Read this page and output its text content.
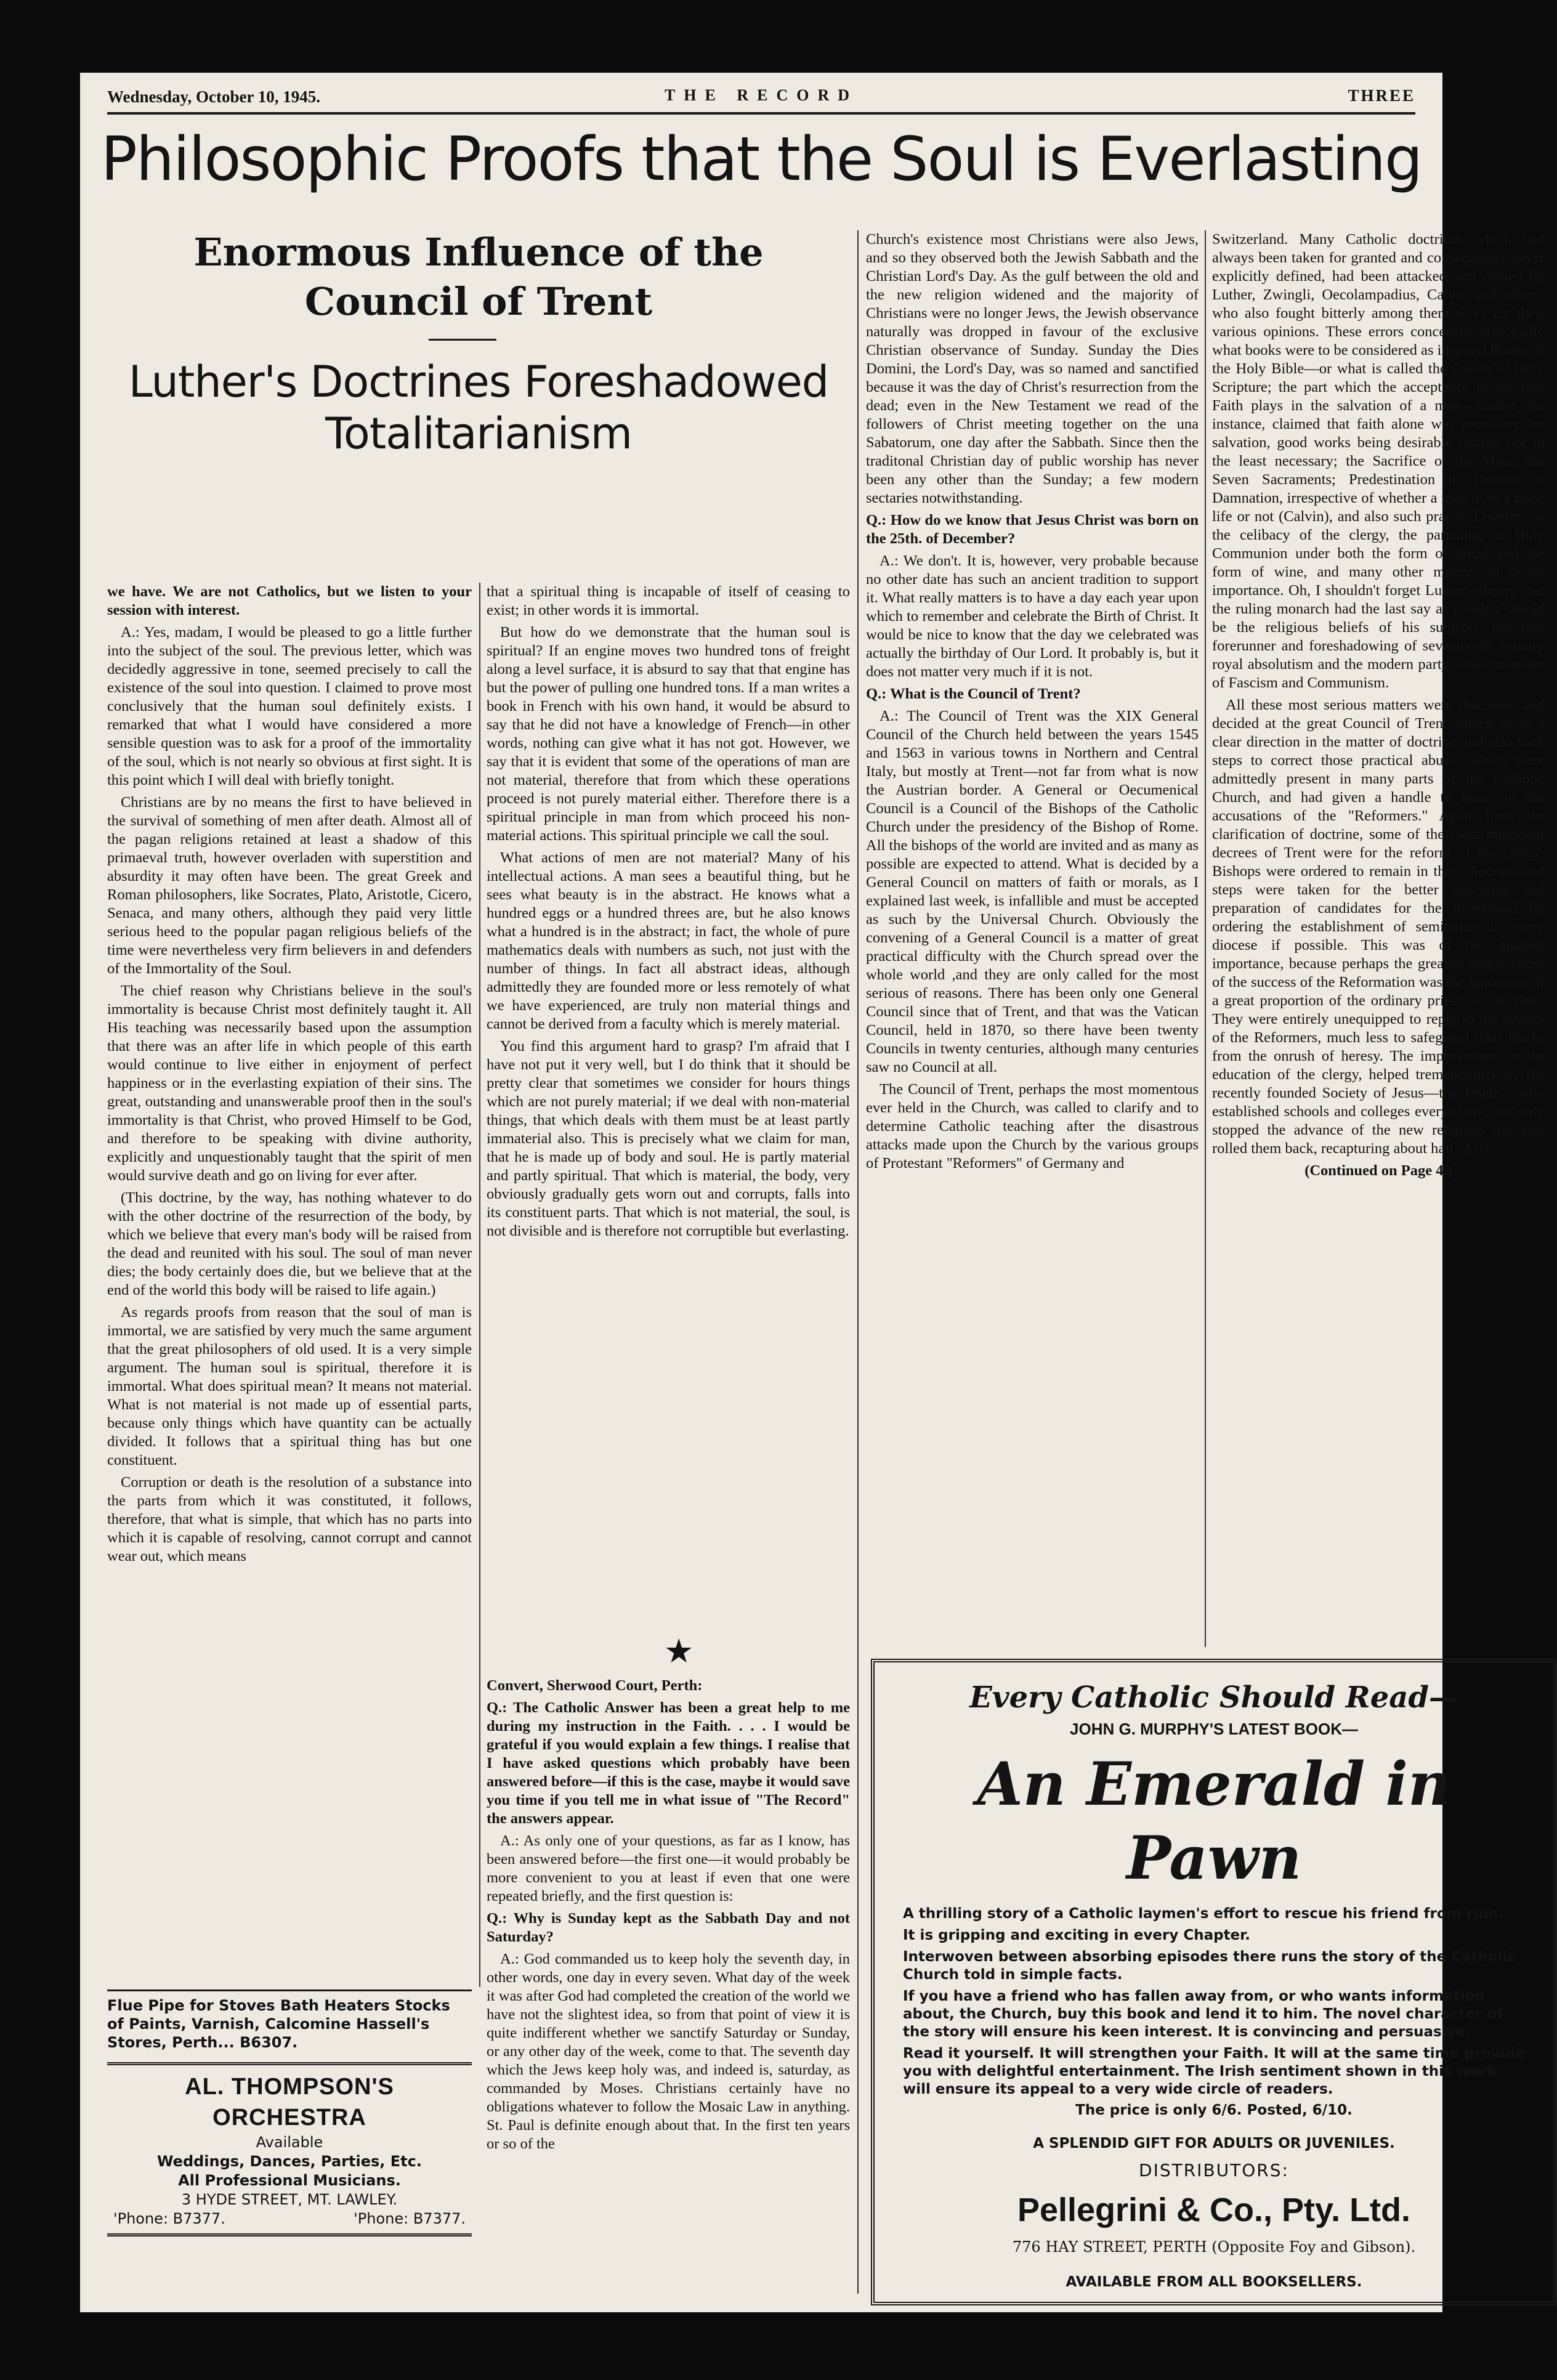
Wednesday, October 10, 1945.	THE RECORD	THREE
Philosophic Proofs that the Soul is Everlasting
Enormous Influence of the Council of Trent
Luther's Doctrines Foreshadowed Totalitarianism

we have. We are not Catholics, but we listen to your session with interest.

A.: Yes, madam, I would be pleased to go a little further into the subject of the soul. The previous letter, which was decidedly aggressive in tone, seemed precisely to call the existence of the soul into question. I claimed to prove most conclusively that the human soul definitely exists. I remarked that what I would have considered a more sensible question was to ask for a proof of the immortality of the soul, which is not nearly so obvious at first sight. It is this point which I will deal with briefly tonight.

Christians are by no means the first to have believed in the survival of something of men after death. Almost all of the pagan religions retained at least a shadow of this primaeval truth, however overladen with superstition and absurdity it may often have been. The great Greek and Roman philosophers, like Socrates, Plato, Aristotle, Cicero, Senaca, and many others, although they paid very little serious heed to the popular pagan religious beliefs of the time were nevertheless very firm believers in and defenders of the Immortality of the Soul.

The chief reason why Christians believe in the soul's immortality is because Christ most definitely taught it. All His teaching was necessarily based upon the assumption that there was an after life in which people of this earth would continue to live either in enjoyment of perfect happiness or in the everlasting expiation of their sins. The great, outstanding and unanswerable proof then in the soul's immortality is that Christ, who proved Himself to be God, and therefore to be speaking with divine authority, explicitly and unquestionably taught that the spirit of men would survive death and go on living for ever after.

(This doctrine, by the way, has nothing whatever to do with the other doctrine of the resurrection of the body, by which we believe that every man's body will be raised from the dead and reunited with his soul. The soul of man never dies; the body certainly does die, but we believe that at the end of the world this body will be raised to life again.)

As regards proofs from reason that the soul of man is immortal, we are satisfied by very much the same argument that the great philosophers of old used. It is a very simple argument. The human soul is spiritual, therefore it is immortal. What does spiritual mean? It means not material. What is not material is not made up of essential parts, because only things which have quantity can be actually divided. It follows that a spiritual thing has but one constituent.

Corruption or death is the resolution of a substance into the parts from which it was constituted, it follows, therefore, that what is simple, that which has no parts into which it is capable of resolving, cannot corrupt and cannot wear out, which means

that a spiritual thing is incapable of itself of ceasing to exist; in other words it is immortal.

But how do we demonstrate that the human soul is spiritual? If an engine moves two hundred tons of freight along a level surface, it is absurd to say that that engine has but the power of pulling one hundred tons. If a man writes a book in French with his own hand, it would be absurd to say that he did not have a knowledge of French—in other words, nothing can give what it has not got. However, we say that it is evident that some of the operations of man are not material, therefore that from which these operations proceed is not purely material either. Therefore there is a spiritual principle in man from which proceed his non-material actions. This spiritual principle we call the soul.

What actions of men are not material? Many of his intellectual actions. A man sees a beautiful thing, but he sees what beauty is in the abstract. He knows what a hundred eggs or a hundred threes are, but he also knows what a hundred is in the abstract; in fact, the whole of pure mathematics deals with numbers as such, not just with the number of things. In fact all abstract ideas, although admittedly they are founded more or less remotely of what we have experienced, are truly non material things and cannot be derived from a faculty which is merely material.

You find this argument hard to grasp? I'm afraid that I have not put it very well, but I do think that it should be pretty clear that sometimes we consider for hours things which are not purely material; if we deal with non-material things, that which deals with them must be at least partly immaterial also. This is precisely what we claim for man, that he is made up of body and soul. He is partly material and partly spiritual. That which is material, the body, very obviously gradually gets worn out and corrupts, falls into its constituent parts. That which is not material, the soul, is not divisible and is therefore not corruptible but everlasting.

★

Convert, Sherwood Court, Perth:

Q.: The Catholic Answer has been a great help to me during my instruction in the Faith. . . . I would be grateful if you would explain a few things. I realise that I have asked questions which probably have been answered before—if this is the case, maybe it would save you time if you tell me in what issue of "The Record" the answers appear.

A.: As only one of your questions, as far as I know, has been answered before—the first one—it would probably be more convenient to you at least if even that one were repeated briefly, and the first question is:

Q.: Why is Sunday kept as the Sabbath Day and not Saturday?

A.: God commanded us to keep holy the seventh day, in other words, one day in every seven. What day of the week it was after God had completed the creation of the world we have not the slightest idea, so from that point of view it is quite indifferent whether we sanctify Saturday or Sunday, or any other day of the week, come to that. The seventh day which the Jews keep holy was, and indeed is, saturday, as commanded by Moses. Christians certainly have no obligations whatever to follow the Mosaic Law in anything. St. Paul is definite enough about that. In the first ten years or so of the

Church's existence most Christians were also Jews, and so they observed both the Jewish Sabbath and the Christian Lord's Day. As the gulf between the old and the new religion widened and the majority of Christians were no longer Jews, the Jewish observance naturally was dropped in favour of the exclusive Christian observance of Sunday. Sunday the Dies Domini, the Lord's Day, was so named and sanctified because it was the day of Christ's resurrection from the dead; even in the New Testament we read of the followers of Christ meeting together on the una Sabatorum, one day after the Sabbath. Since then the traditonal Christian day of public worship has never been any other than the Sunday; a few modern sectaries notwithstanding.

Q.: How do we know that Jesus Christ was born on the 25th. of December?

A.: We don't. It is, however, very probable because no other date has such an ancient tradition to support it. What really matters is to have a day each year upon which to remember and celebrate the Birth of Christ. It would be nice to know that the day we celebrated was actually the birthday of Our Lord. It probably is, but it does not matter very much if it is not.

Q.: What is the Council of Trent?

A.: The Council of Trent was the XIX General Council of the Church held between the years 1545 and 1563 in various towns in Northern and Central Italy, but mostly at Trent—not far from what is now the Austrian border. A General or Oecumenical Council is a Council of the Bishops of the Catholic Church under the presidency of the Bishop of Rome. All the bishops of the world are invited and as many as possible are expected to attend. What is decided by a General Council on matters of faith or morals, as I explained last week, is infallible and must be accepted as such by the Universal Church. Obviously the convening of a General Council is a matter of great practical difficulty with the Church spread over the whole world ,and they are only called for the most serious of reasons. There has been only one General Council since that of Trent, and that was the Vatican Council, held in 1870, so there have been twenty Councils in twenty centuries, although many centuries saw no Council at all.

The Council of Trent, perhaps the most momentous ever held in the Church, was called to clarify and to determine Catholic teaching after the disastrous attacks made upon the Church by the various groups of Protestant "Reformers" of Germany and

Switzerland. Many Catholic doctrines which had always been taken for granted and consequently never explicitly defined, had been attacked and denied by Luther, Zwingli, Oecolampadius, Calvin and others, who also fought bitterly among themselves for their various opinions. These errors concerned principally what books were to be considered as inspired Books of the Holy Bible—or what is called the Canon of Holy Scripture; the part which the acceptance of the true Faith plays in the salvation of a man—Luther, for instance, claimed that faith alone was necessary for salvation, good works being desirable though not in the least necessary; the Sacrifice of the Mass; the Seven Sacraments; Predestination to Heaven or Damnation, irrespective of whether a man lives a good life or not (Calvin), and also such practical matters as the celibacy of the clergy, the partaking of Holy Communion under both the form of bread and the form of wine, and many other matters of lesser importance. Oh, I shouldn't forget Luther's theory that the ruling monarch had the last say as to what should be the religious beliefs of his subjects, the true forerunner and foreshadowing of seventeenth century royal absolutism and the modern party Totalitarianism of Fascism and Communism.

All these most serious matters were discussed and decided at the great Council of Trent, which gives a clear direction in the matter of doctrine and also took steps to correct those practical abuses which were admittedly present in many parts of the Catholic Church, and had given a handle to many of the accusations of the "Reformers." Apart from the clarification of doctrine, some of the most important decrees of Trent were for the reform of the clergy: Bishops were ordered to remain in their dioceses and steps were taken for the better education and preparation of candidates for the priesthood by ordering the establishment of seminaries in every diocese if possible. This was of the greatest importance, because perhaps the greatest single cause of the success of the Reformation was the ignorance of a great proportion of the ordinary priests of the time. They were entirely unequipped to reply to the attacks of the Reformers, much less to safeguard their flocks from the onrush of heresy. The improvement in the education of the clergy, helped tremendously by the recently founded Society of Jesus—the Jesuits—who established schools and colleges everywhere, not only stopped the advance of the new religions but also rolled them back, recapturing about half of the

(Continued on Page 4.)

Flue Pipe for Stoves Bath Heaters Stocks of Paints, Varnish, Calcomine Hassell's Stores, Perth... B6307.
AL. THOMPSON'S ORCHESTRA
Available
Weddings, Dances, Parties, Etc.
All Professional Musicians.
3 HYDE STREET, MT. LAWLEY.
'Phone: B7377.	'Phone: B7377.
Every Catholic Should Read—
JOHN G. MURPHY'S LATEST BOOK—
An Emerald in Pawn

A thrilling story of a Catholic laymen's effort to rescue his friend from ruin.

It is gripping and exciting in every Chapter.

Interwoven between absorbing episodes there runs the story of the Catholic Church told in simple facts.

If you have a friend who has fallen away from, or who wants information about, the Church, buy this book and lend it to him. The novel character of the story will ensure his keen interest. It is convincing and persuasive.

Read it yourself. It will strengthen your Faith. It will at the same time provide you with delightful entertainment. The Irish sentiment shown in this work will ensure its appeal to a very wide circle of readers.

The price is only 6/6. Posted, 6/10.
A SPLENDID GIFT FOR ADULTS OR JUVENILES.
DISTRIBUTORS:
Pellegrini & Co., Pty. Ltd.
776 HAY STREET, PERTH (Opposite Foy and Gibson).
AVAILABLE FROM ALL BOOKSELLERS.
